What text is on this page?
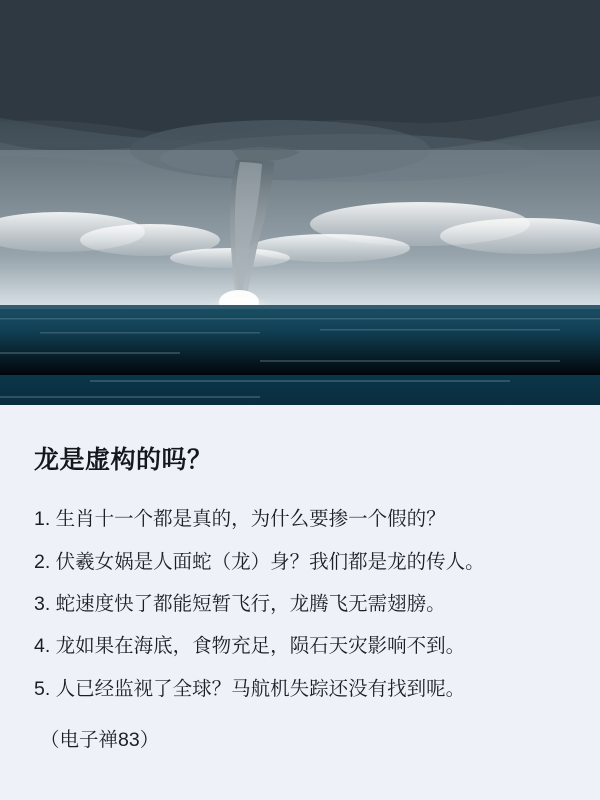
龙是虚构的吗？
1. 生肖十一个都是真的，为什么要掺一个假的？
2. 伏羲女娲是人面蛇（龙）身？我们都是龙的传人。
3. 蛇速度快了都能短暂飞行，龙腾飞无需翅膀。
4. 龙如果在海底，食物充足，陨石天灾影响不到。
5. 人已经监视了全球？马航机失踪还没有找到呢。
（电子禅83）
